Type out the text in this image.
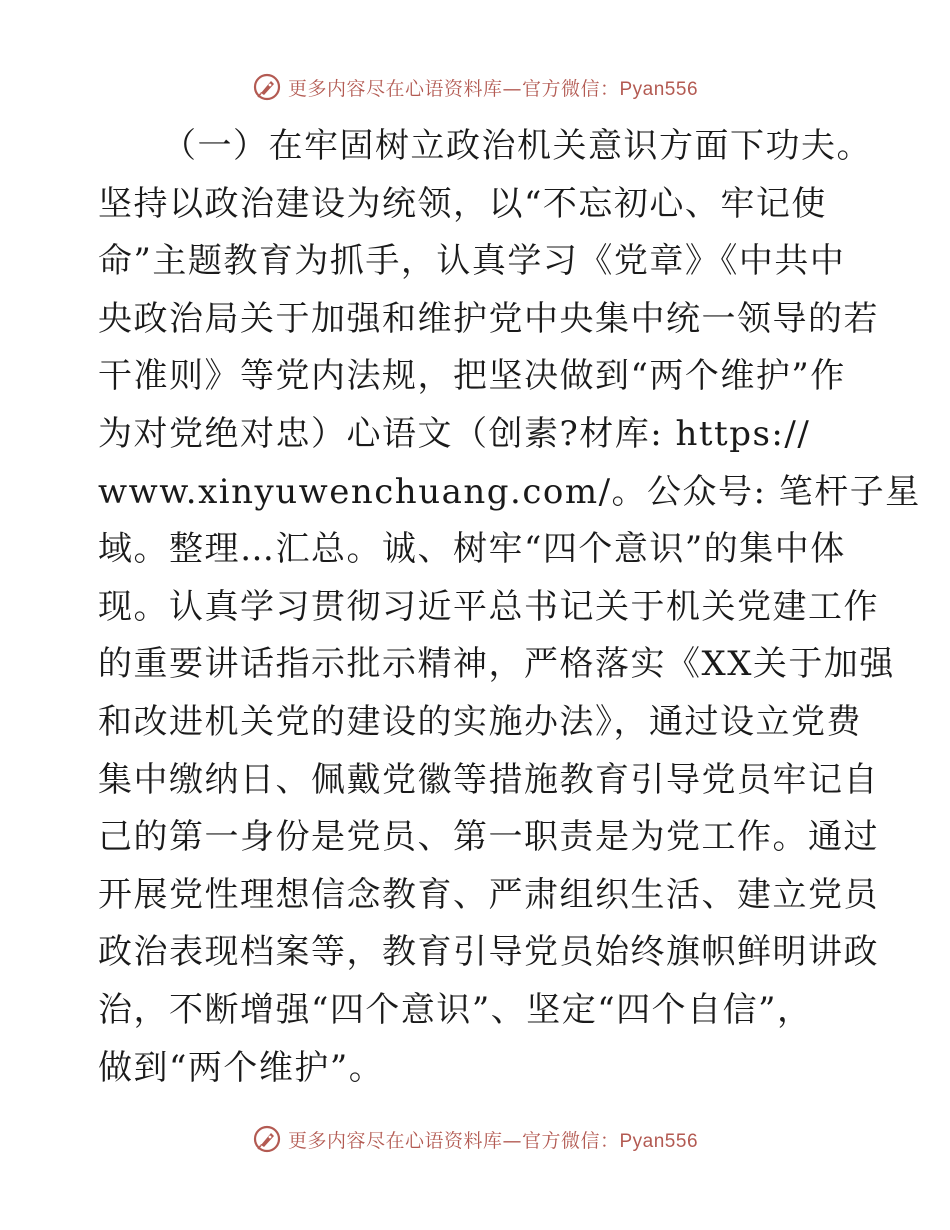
更多内容尽在心语资料库—官方微信：Pyan556
（一）在牢固树立政治机关意识方面下功夫。
坚持以政治建设为统领，以“不忘初心、牢记使
命”主题教育为抓手，认真学习《党章》《中共中
央政治局关于加强和维护党中央集中统一领导的若
干准则》等党内法规，把坚决做到“两个维护”作
为对党绝对忠）心语文（创素?材库: https://
www.xinyuwenchuang.com/。公众号: 笔杆子星
域。整理…汇总。诚、树牢“四个意识”的集中体
现。认真学习贯彻习近平总书记关于机关党建工作
的重要讲话指示批示精神，严格落实《XX关于加强
和改进机关党的建设的实施办法》，通过设立党费
集中缴纳日、佩戴党徽等措施教育引导党员牢记自
己的第一身份是党员、第一职责是为党工作。通过
开展党性理想信念教育、严肃组织生活、建立党员
政治表现档案等，教育引导党员始终旗帜鲜明讲政
治，不断增强“四个意识”、坚定“四个自信”，
做到“两个维护”。
更多内容尽在心语资料库—官方微信：Pyan556
